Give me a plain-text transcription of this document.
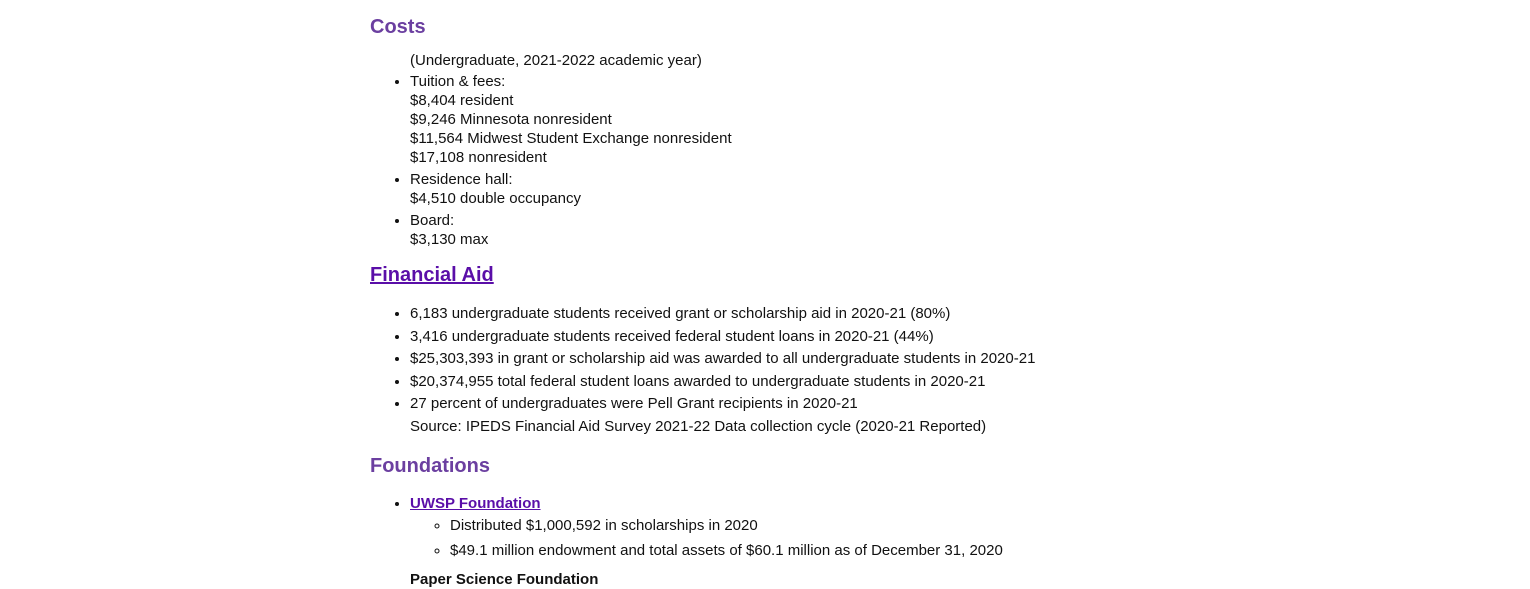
Costs
(Undergraduate, 2021-2022 academic year)
• Tuition & fees:
$8,404 resident
$9,246 Minnesota nonresident
$11,564 Midwest Student Exchange nonresident
$17,108 nonresident
• Residence hall:
$4,510 double occupancy
• Board:
$3,130 max
Financial Aid
• 6,183 undergraduate students received grant or scholarship aid in 2020-21 (80%)
• 3,416 undergraduate students received federal student loans in 2020-21 (44%)
• $25,303,393 in grant or scholarship aid was awarded to all undergraduate students in 2020-21
• $20,374,955 total federal student loans awarded to undergraduate students in 2020-21
• 27 percent of undergraduates were Pell Grant recipients in 2020-21
Source: IPEDS Financial Aid Survey 2021-22 Data collection cycle (2020-21 Reported)
Foundations
• UWSP Foundation
◦ Distributed $1,000,592 in scholarships in 2020
◦ $49.1 million endowment and total assets of $60.1 million as of December 31, 2020
Paper Science Foundation
